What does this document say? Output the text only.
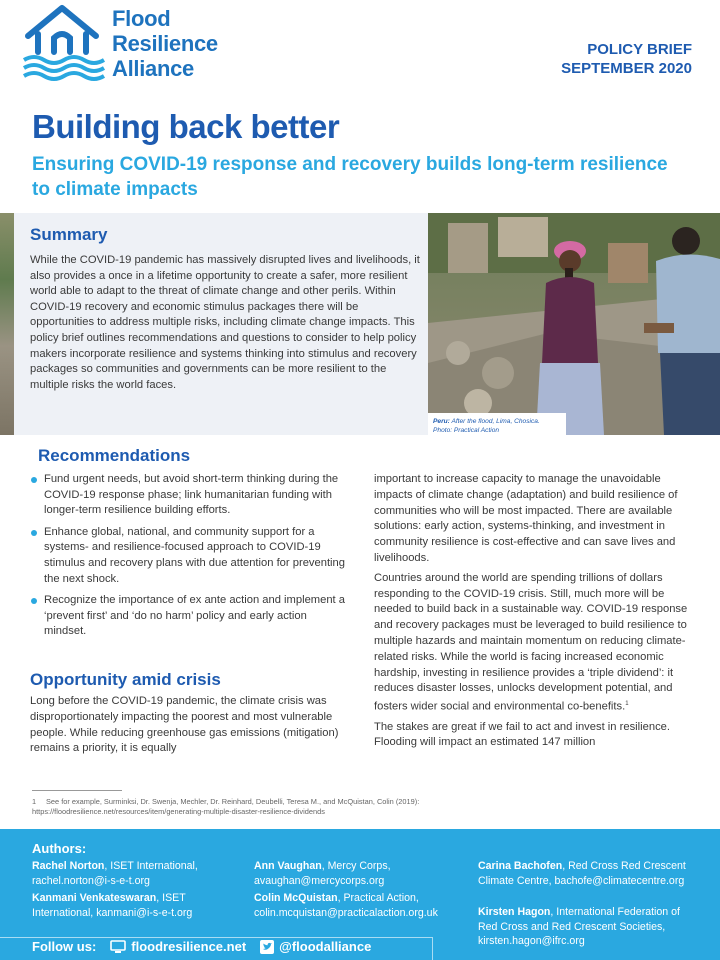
Flood
Resilience
Alliance
POLICY BRIEF
SEPTEMBER 2020
Building back better
Ensuring COVID-19 response and recovery builds long-term resilience to climate impacts
Summary
While the COVID-19 pandemic has massively disrupted lives and livelihoods, it also provides a once in a lifetime opportunity to create a safer, more resilient world able to adapt to the threat of climate change and other perils. Within COVID-19 recovery and economic stimulus packages there will be opportunities to address multiple risks, including climate change impacts. This policy brief outlines recommendations and questions to consider to help policy makers incorporate resilience and systems thinking into stimulus and recovery packages so communities and governments can be more resilient to the multiple risks the world faces.
Peru: After the flood, Lima, Chosica.
Photo: Practical Action
Recommendations
Fund urgent needs, but avoid short-term thinking during the COVID-19 response phase; link humanitarian funding with longer-term resilience building efforts.
Enhance global, national, and community support for a systems- and resilience-focused approach to COVID-19 stimulus and recovery plans with due attention for preventing the next shock.
Recognize the importance of ex ante action and implement a ‘prevent first’ and ‘do no harm’ policy and early action mindset.
Opportunity amid crisis

Long before the COVID-19 pandemic, the climate crisis was disproportionately impacting the poorest and most vulnerable people. While reducing greenhouse gas emissions (mitigation) remains a priority, it is equally

important to increase capacity to manage the unavoidable impacts of climate change (adaptation) and build resilience of communities who will be most impacted. There are available solutions: early action, systems-thinking, and investment in community resilience is cost-effective and can save lives and livelihoods.

Countries around the world are spending trillions of dollars responding to the COVID-19 crisis. Still, much more will be needed to build back in a sustainable way. COVID-19 response and recovery packages must be leveraged to build resilience to multiple hazards and maintain momentum on reducing climate-related risks. While the world is facing increased economic hardship, investing in resilience provides a ‘triple dividend’: it reduces disaster losses, unlocks development potential, and fosters wider social and environmental co-benefits.$^1$

The stakes are great if we fail to act and invest in resilience. Flooding will impact an estimated 147 million

1 See for example, Surminksi, Dr. Swenja, Mechler, Dr. Reinhard, Deubelli, Teresa M., and McQuistan, Colin (2019):
https://floodresilience.net/resources/item/generating-multiple-disaster-resilience-dividends
Authors:
Rachel Norton, ISET International, rachel.norton@i-s-e-t.org
Kanmani Venkateswaran, ISET International, kanmani@i-s-e-t.org
Ann Vaughan, Mercy Corps, avaughan@mercycorps.org
Colin McQuistan, Practical Action, colin.mcquistan@practicalaction.org.uk
Carina Bachofen, Red Cross Red Crescent Climate Centre, bachofe@climatecentre.org
Kirsten Hagon, International Federation of Red Cross and Red Crescent Societies, kirsten.hagon@ifrc.org
Follow us:	floodresilience.net	@floodalliance
